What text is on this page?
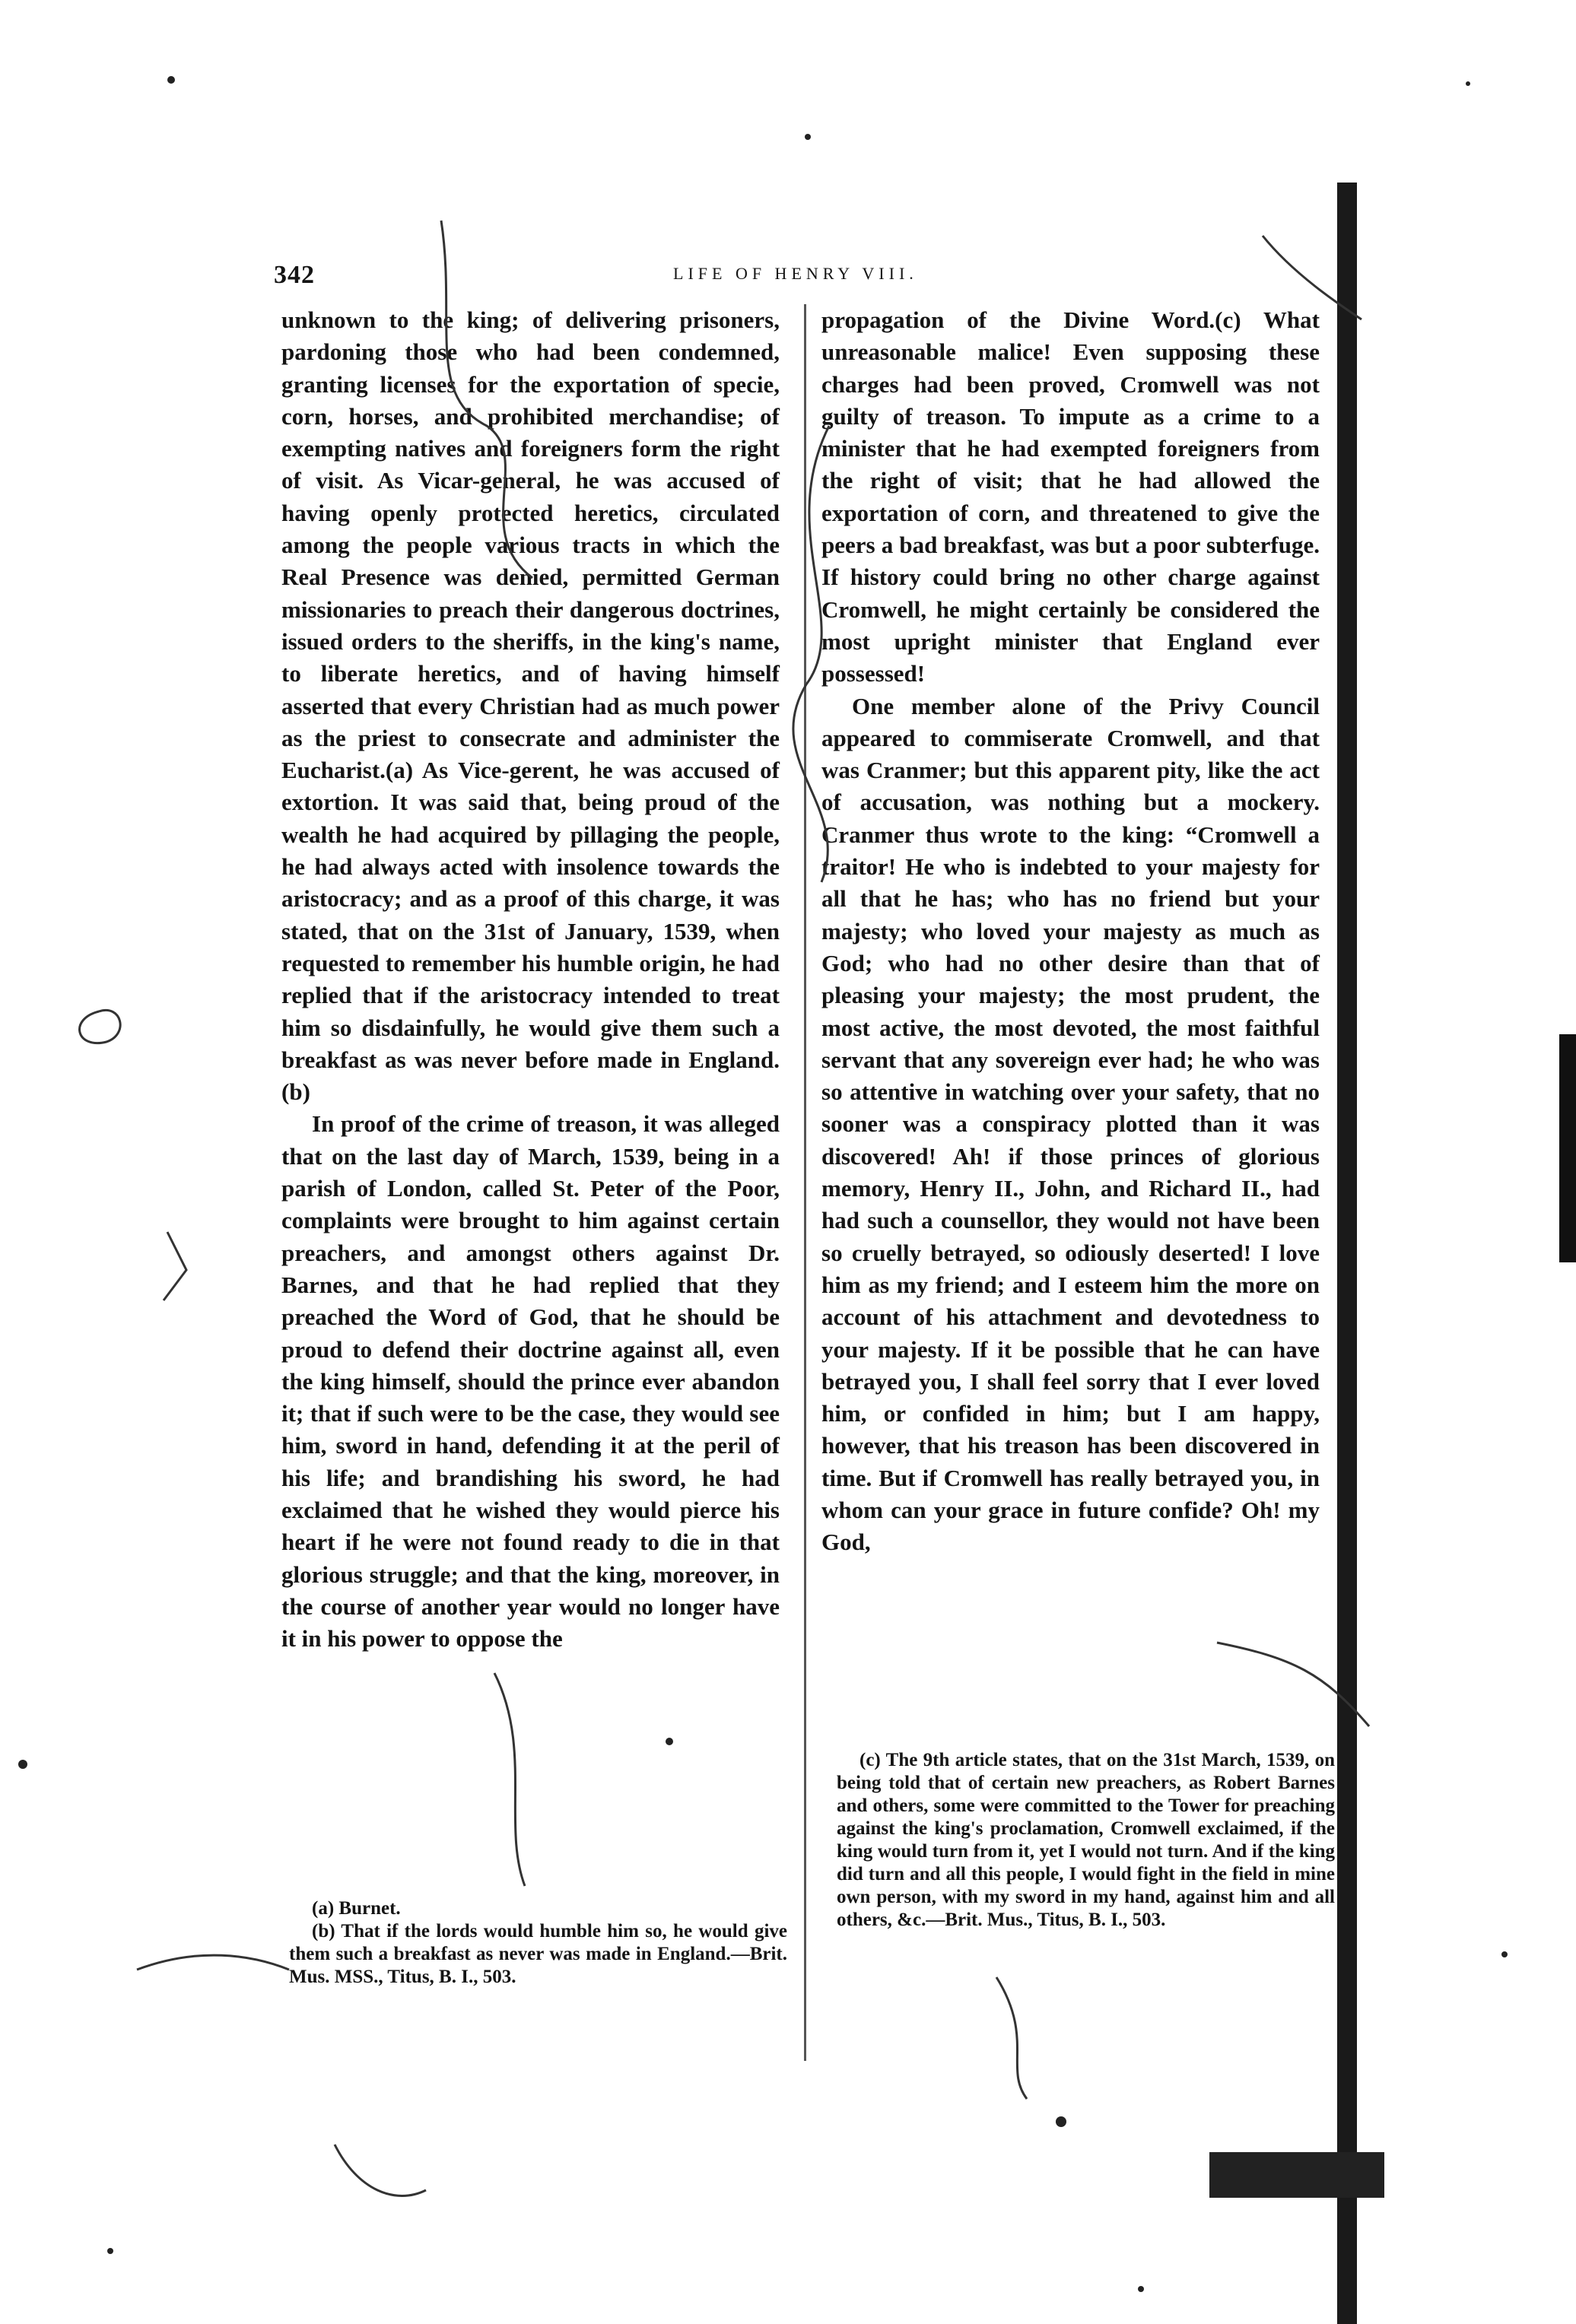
342	LIFE OF HENRY VIII.

unknown to the king; of delivering prisoners, pardoning those who had been condemned, granting licenses for the exportation of specie, corn, horses, and prohibited merchandise; of exempting natives and foreigners form the right of visit. As Vicar-general, he was accused of having openly protected heretics, circulated among the people various tracts in which the Real Presence was denied, permitted German missionaries to preach their dangerous doctrines, issued orders to the sheriffs, in the king's name, to liberate heretics, and of having himself asserted that every Christian had as much power as the priest to consecrate and administer the Eucharist.(a) As Vice-gerent, he was accused of extortion. It was said that, being proud of the wealth he had acquired by pillaging the people, he had always acted with insolence towards the aristocracy; and as a proof of this charge, it was stated, that on the 31st of January, 1539, when requested to remember his humble origin, he had replied that if the aristocracy intended to treat him so disdainfully, he would give them such a breakfast as was never before made in England.(b)

In proof of the crime of treason, it was alleged that on the last day of March, 1539, being in a parish of London, called St. Peter of the Poor, complaints were brought to him against certain preachers, and amongst others against Dr. Barnes, and that he had replied that they preached the Word of God, that he should be proud to defend their doctrine against all, even the king himself, should the prince ever abandon it; that if such were to be the case, they would see him, sword in hand, defending it at the peril of his life; and brandishing his sword, he had exclaimed that he wished they would pierce his heart if he were not found ready to die in that glorious struggle; and that the king, moreover, in the course of another year would no longer have it in his power to oppose the

propagation of the Divine Word.(c) What unreasonable malice! Even supposing these charges had been proved, Cromwell was not guilty of treason. To impute as a crime to a minister that he had exempted foreigners from the right of visit; that he had allowed the exportation of corn, and threatened to give the peers a bad breakfast, was but a poor subterfuge. If history could bring no other charge against Cromwell, he might certainly be considered the most upright minister that England ever possessed!

One member alone of the Privy Council appeared to commiserate Cromwell, and that was Cranmer; but this apparent pity, like the act of accusation, was nothing but a mockery. Cranmer thus wrote to the king: “Cromwell a traitor! He who is indebted to your majesty for all that he has; who has no friend but your majesty; who loved your majesty as much as God; who had no other desire than that of pleasing your majesty; the most prudent, the most active, the most devoted, the most faithful servant that any sovereign ever had; he who was so attentive in watching over your safety, that no sooner was a conspiracy plotted than it was discovered! Ah! if those princes of glorious memory, Henry II., John, and Richard II., had had such a counsellor, they would not have been so cruelly betrayed, so odiously deserted! I love him as my friend; and I esteem him the more on account of his attachment and devotedness to your majesty. If it be possible that he can have betrayed you, I shall feel sorry that I ever loved him, or confided in him; but I am happy, however, that his treason has been discovered in time. But if Cromwell has really betrayed you, in whom can your grace in future confide? Oh! my God,

(a) Burnet.

(b) That if the lords would humble him so, he would give them such a breakfast as never was made in England.—Brit. Mus. MSS., Titus, B. I., 503.

(c) The 9th article states, that on the 31st March, 1539, on being told that of certain new preachers, as Robert Barnes and others, some were committed to the Tower for preaching against the king's proclamation, Cromwell exclaimed, if the king would turn from it, yet I would not turn. And if the king did turn and all this people, I would fight in the field in mine own person, with my sword in my hand, against him and all others, &c.—Brit. Mus., Titus, B. I., 503.
